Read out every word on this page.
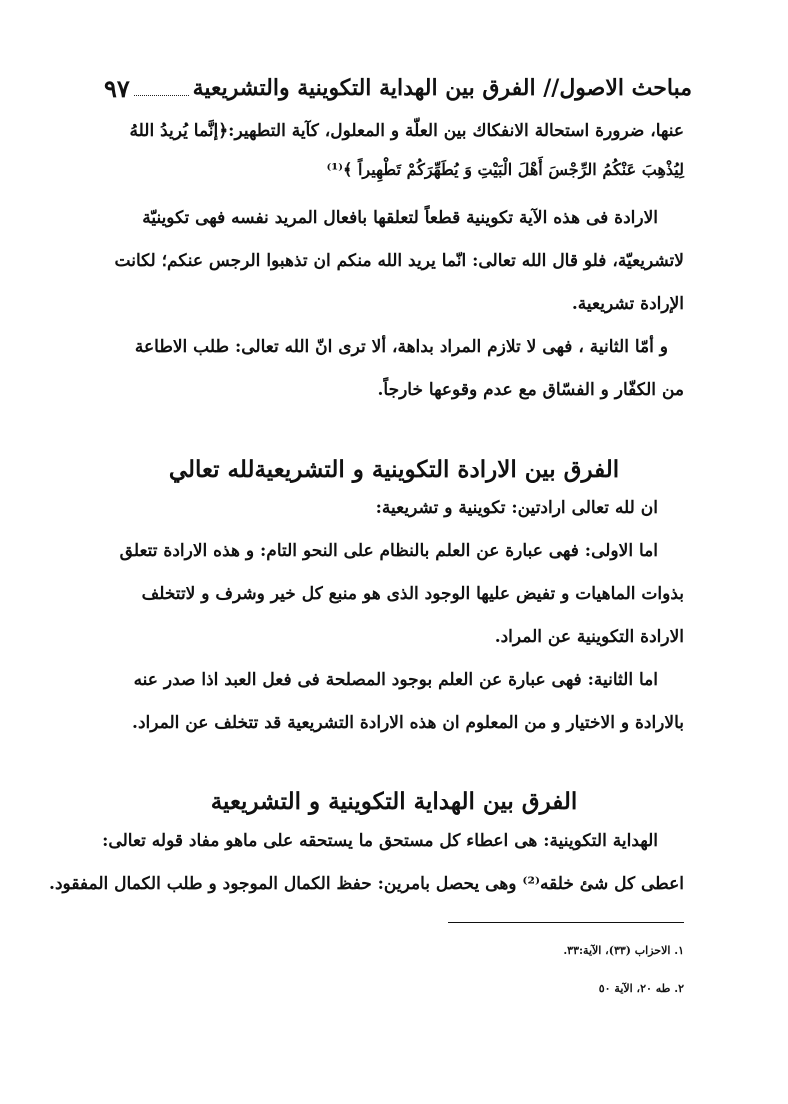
مباحث الاصول// الفرق بين الهداية التكوينية والتشريعية
٩٧
عنها، ضرورة استحالة الانفكاك بين العلّة و المعلول، كآية التطهير:﴿إنَّما يُريدُ اللهُ
لِيُذْهِبَ عَنْكُمُ الرِّجْسَ أَهْلَ الْبَيْتِ وَ يُطَهِّرَكُمْ تَطْهِيراً ﴾⁽¹⁾
الارادة فى هذه الآية تكوينية قطعاً لتعلقها بافعال المريد نفسه فهى تكوينيّة
لاتشريعيّة، فلو قال الله تعالى: انّما يريد الله منكم ان تذهبوا الرجس عنكم؛ لكانت
الإرادة تشريعية.
و أمّا الثانية ، فهى لا تلازم المراد بداهة، ألا ترى انّ الله تعالى: طلب الاطاعة
من الكفّار و الفسّاق مع عدم وقوعها خارجاً.
الفرق بين الارادة التكوينية و التشريعيةلله تعالي
ان لله تعالى ارادتين: تكوينية و تشريعية:
اما الاولى: فهى عبارة عن العلم بالنظام على النحو التام: و هذه الارادة تتعلق
بذوات الماهيات و تفيض عليها الوجود الذى هو منبع كل خير وشرف و لاتتخلف
الارادة التكوينية عن المراد.
اما الثانية: فهى عبارة عن العلم بوجود المصلحة فى فعل العبد اذا صدر عنه
بالارادة و الاختيار و من المعلوم ان هذه الارادة التشريعية قد تتخلف عن المراد.
الفرق بين الهداية التكوينية و التشريعية
الهداية التكوينية: هى اعطاء كل مستحق ما يستحقه على ماهو مفاد قوله تعالى:
اعطى كل شئ خلقه⁽²⁾ وهى يحصل بامرين: حفظ الكمال الموجود و طلب الكمال المفقود.
١. الاحزاب (٣٣)، الآية:٣٣.
٢. طه ٢٠، الآية ٥٠
